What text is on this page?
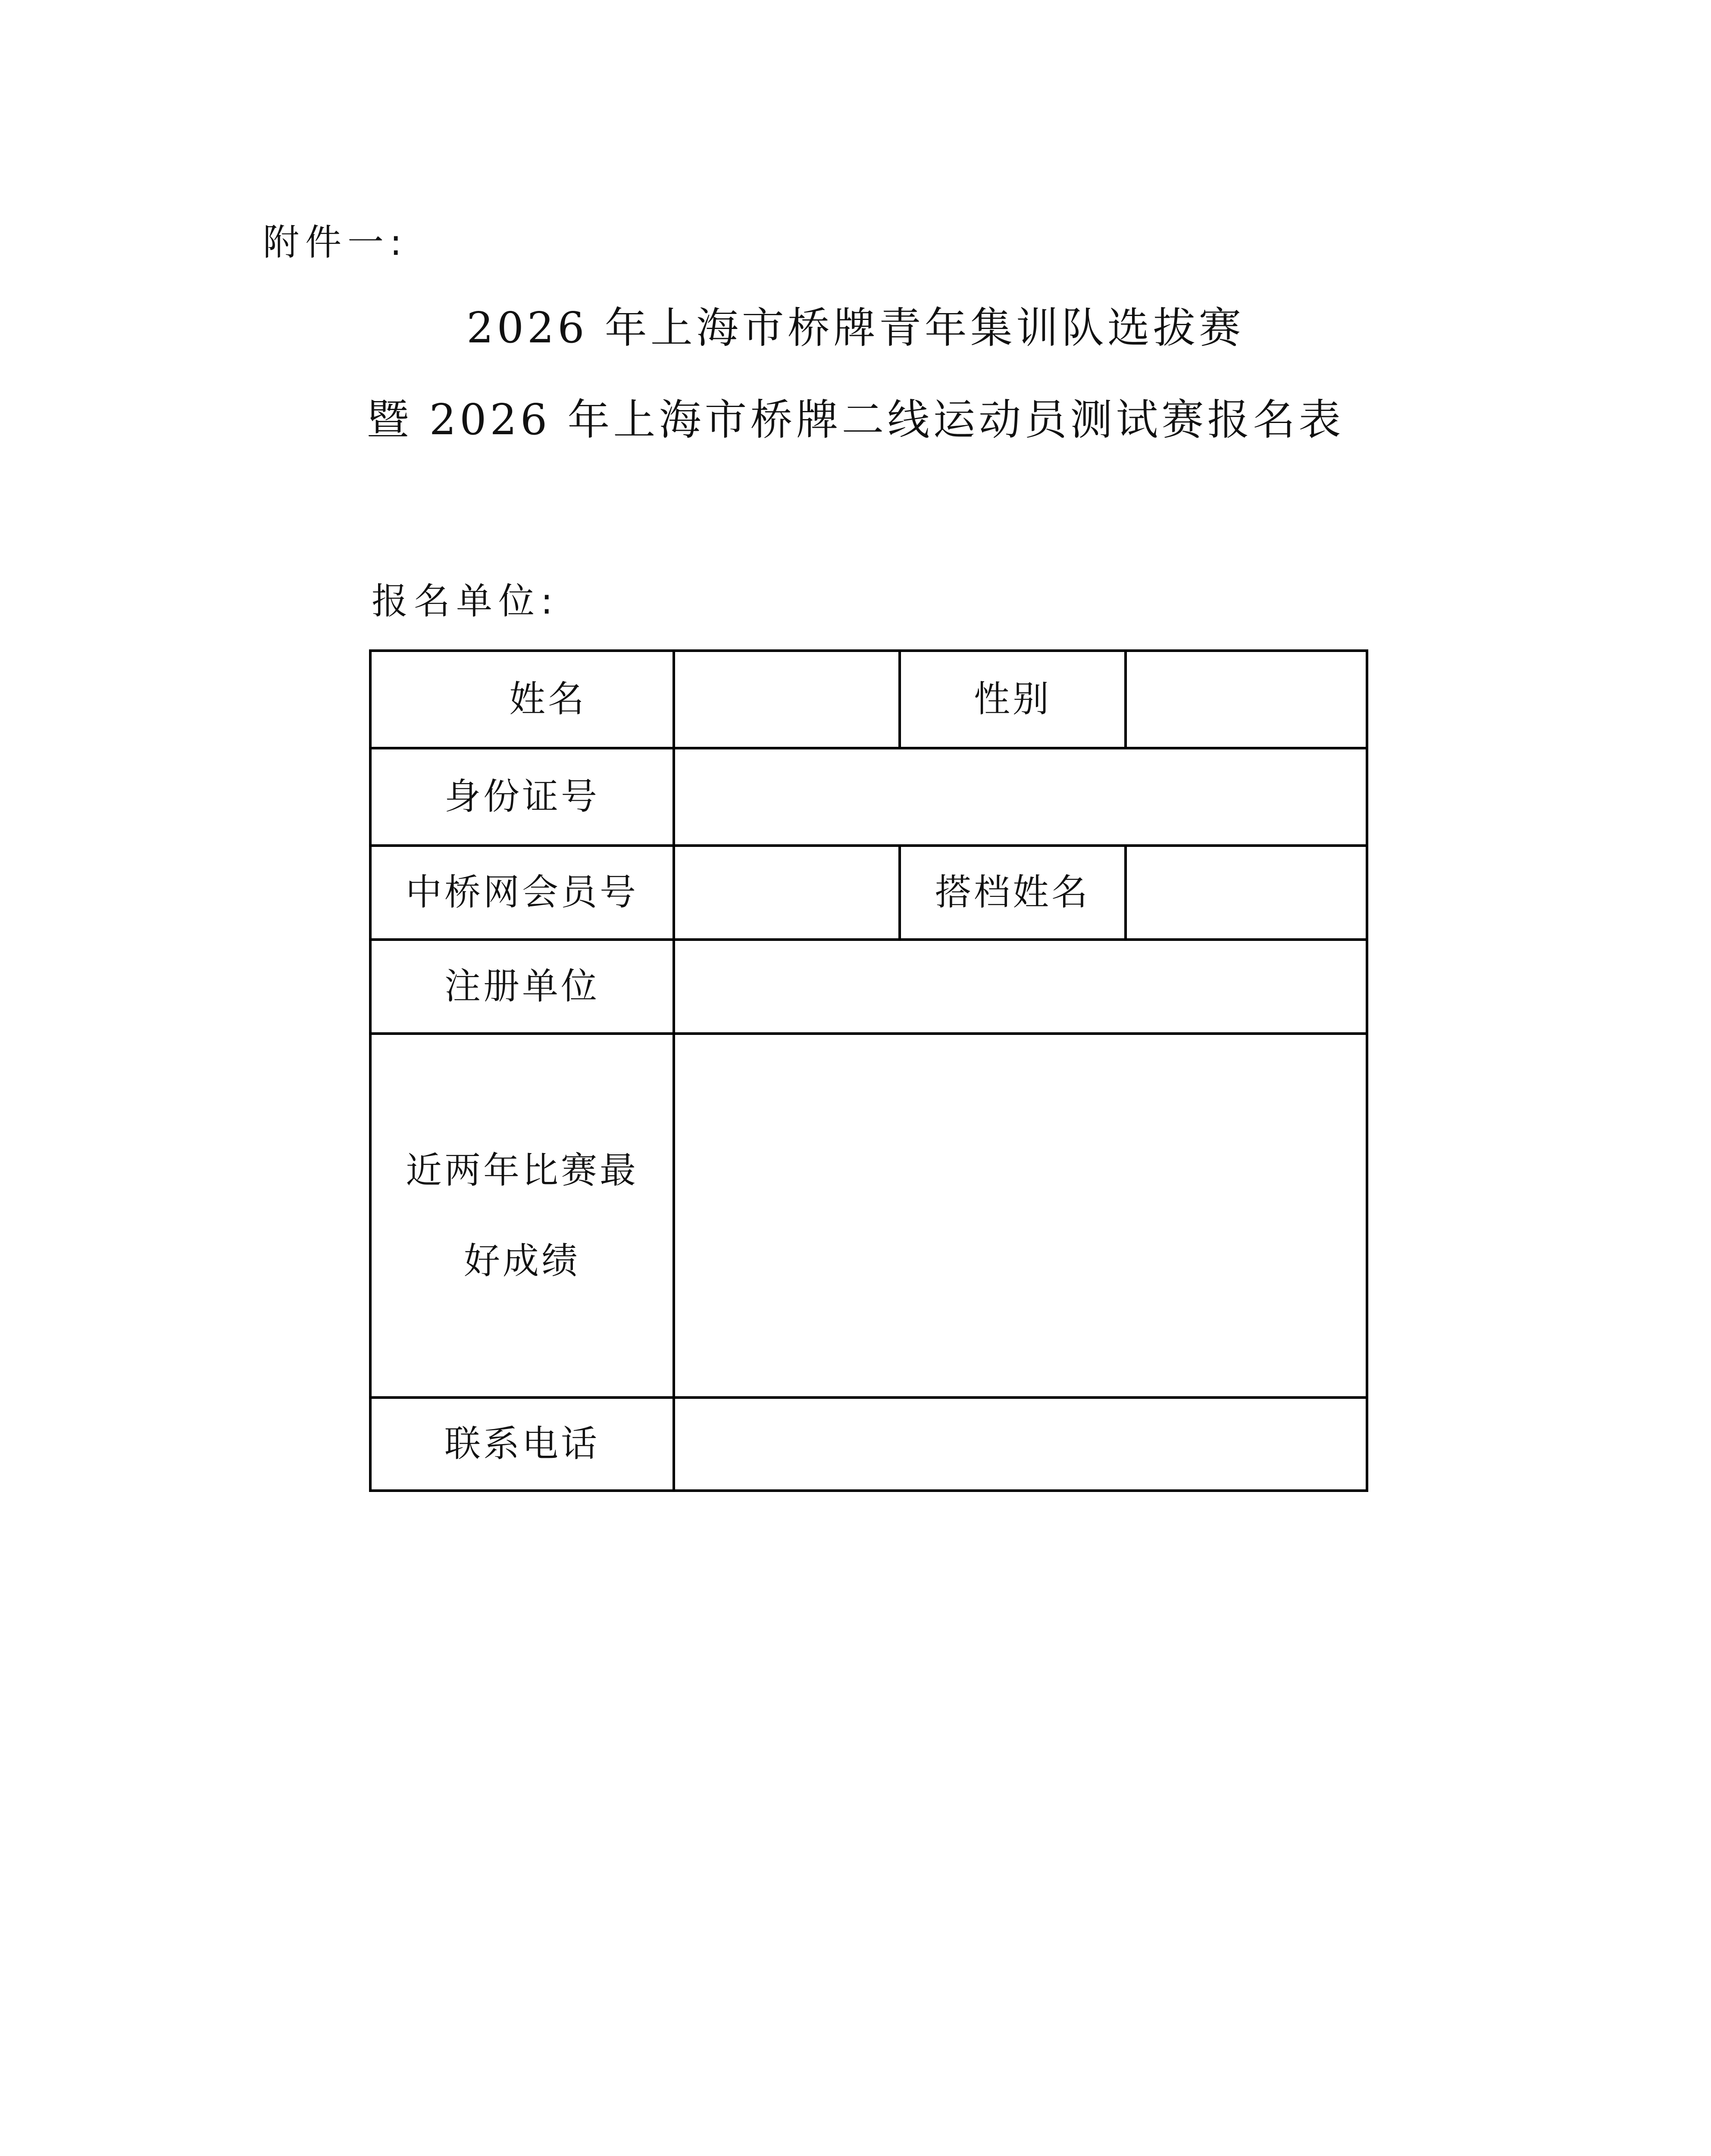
附件一:
2026 年上海市桥牌青年集训队选拔赛
暨 2026 年上海市桥牌二线运动员测试赛报名表
报名单位:
姓名		性别	
身份证号			
中桥网会员号		搭档姓名	
注册单位			

近两年比赛最
好成绩			

联系电话			
